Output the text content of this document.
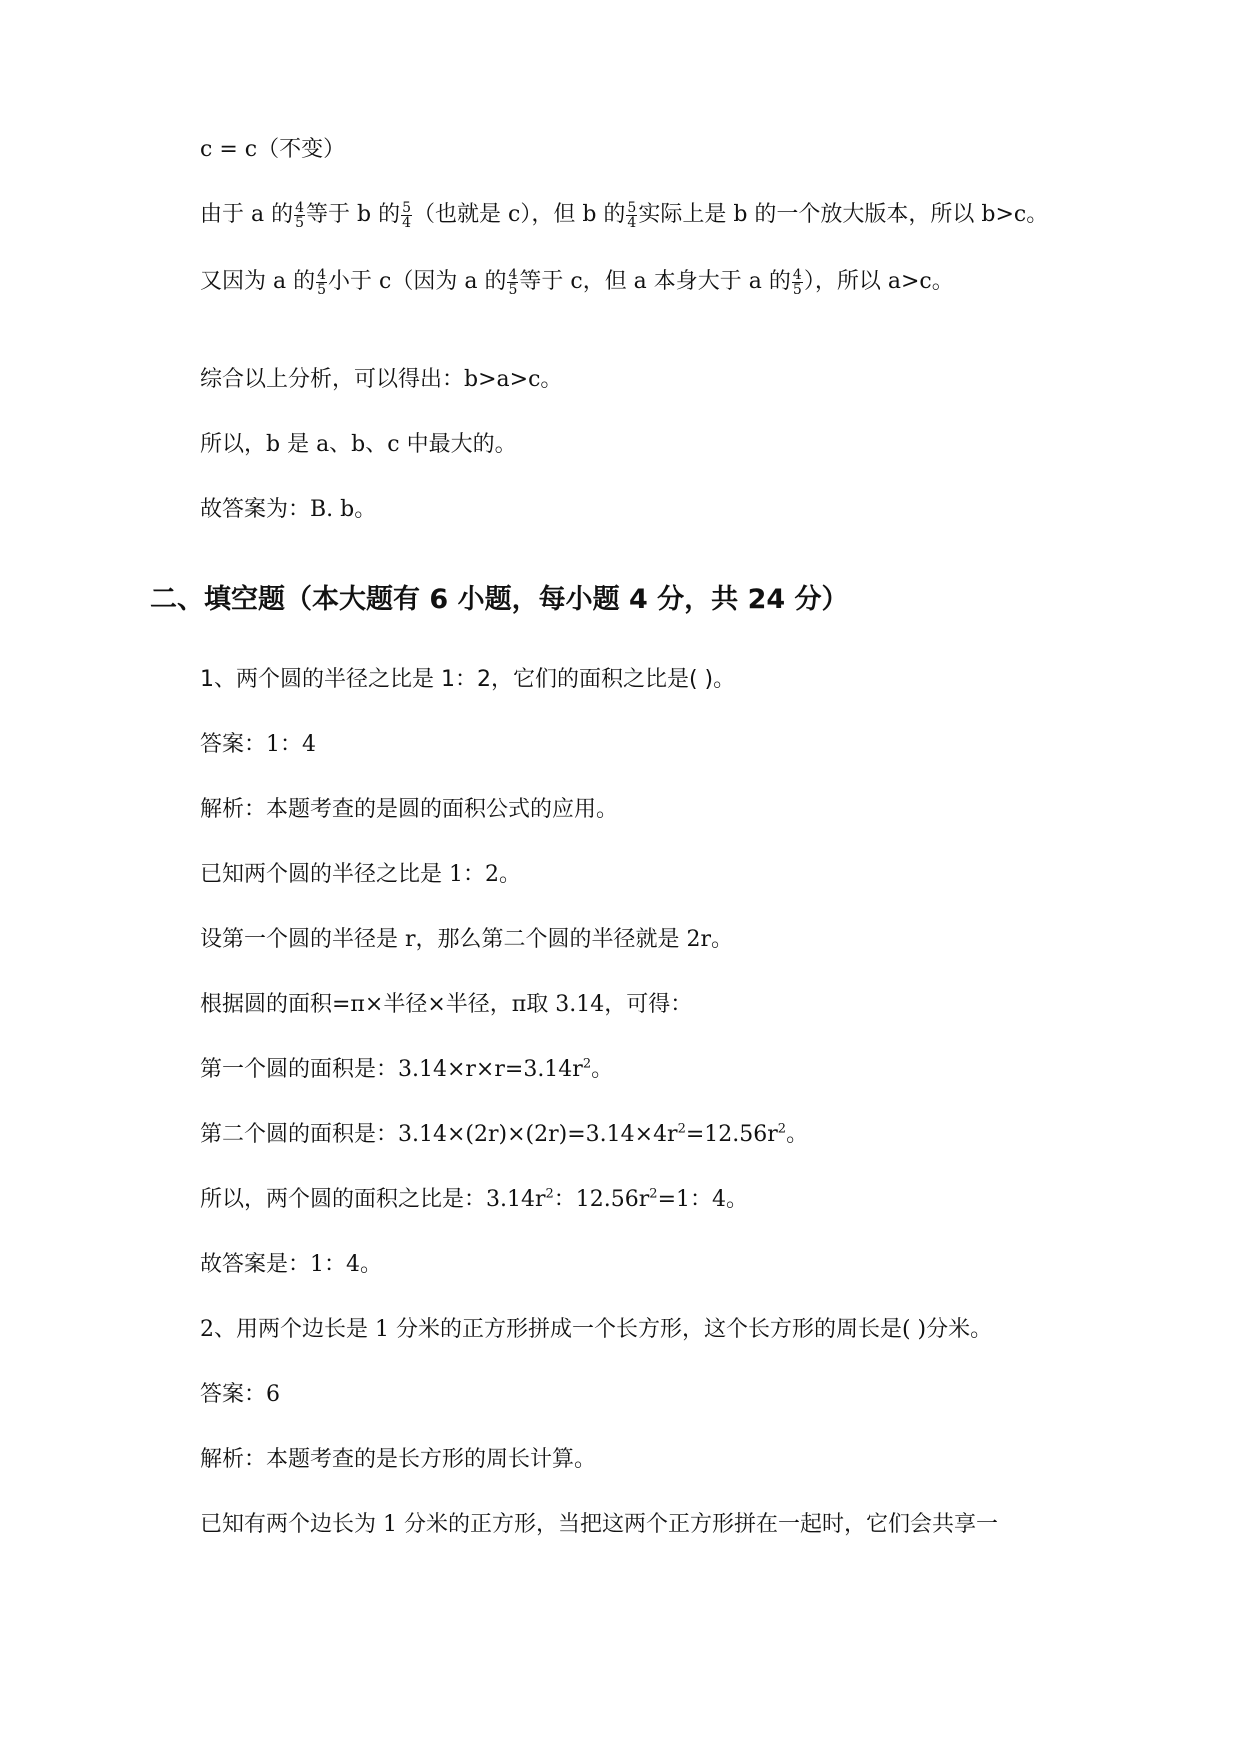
c = c（不变）
由于 a 的 $\frac{4}{5}$ 等于 b 的 $\frac{5}{4}$ （也就是 c），但 b 的 $\frac{5}{4}$ 实际上是 b 的一个放大版本，所以 b>c。
又因为 a 的 $\frac{4}{5}$ 小于 c（因为 a 的 $\frac{4}{5}$ 等于 c，但 a 本身大于 a 的 $\frac{4}{5}$ ），所以 a>c。
综合以上分析，可以得出：b>a>c。
所以，b 是 a、b、c 中最大的。
故答案为：B. b。
二、填空题（本大题有 6 小题，每小题 4 分，共 24 分）
1、两个圆的半径之比是 1：2，它们的面积之比是( )。
答案：1：4
解析：本题考查的是圆的面积公式的应用。
已知两个圆的半径之比是 1：2。
设第一个圆的半径是 r，那么第二个圆的半径就是 2r。
根据圆的面积=π×半径×半径，π取 3.14，可得：
第一个圆的面积是：$3.14\times r\times r=3.14r^2$。
第二个圆的面积是：$3.14\times(2r)\times(2r)=3.14\times 4r^2=12.56r^2$。
所以，两个圆的面积之比是：$3.14r^2$：$12.56r^2=1$：4。
故答案是：1：4。
2、用两个边长是 1 分米的正方形拼成一个长方形，这个长方形的周长是( )分米。
答案：6
解析：本题考查的是长方形的周长计算。
已知有两个边长为 1 分米的正方形，当把这两个正方形拼在一起时，它们会共享一
